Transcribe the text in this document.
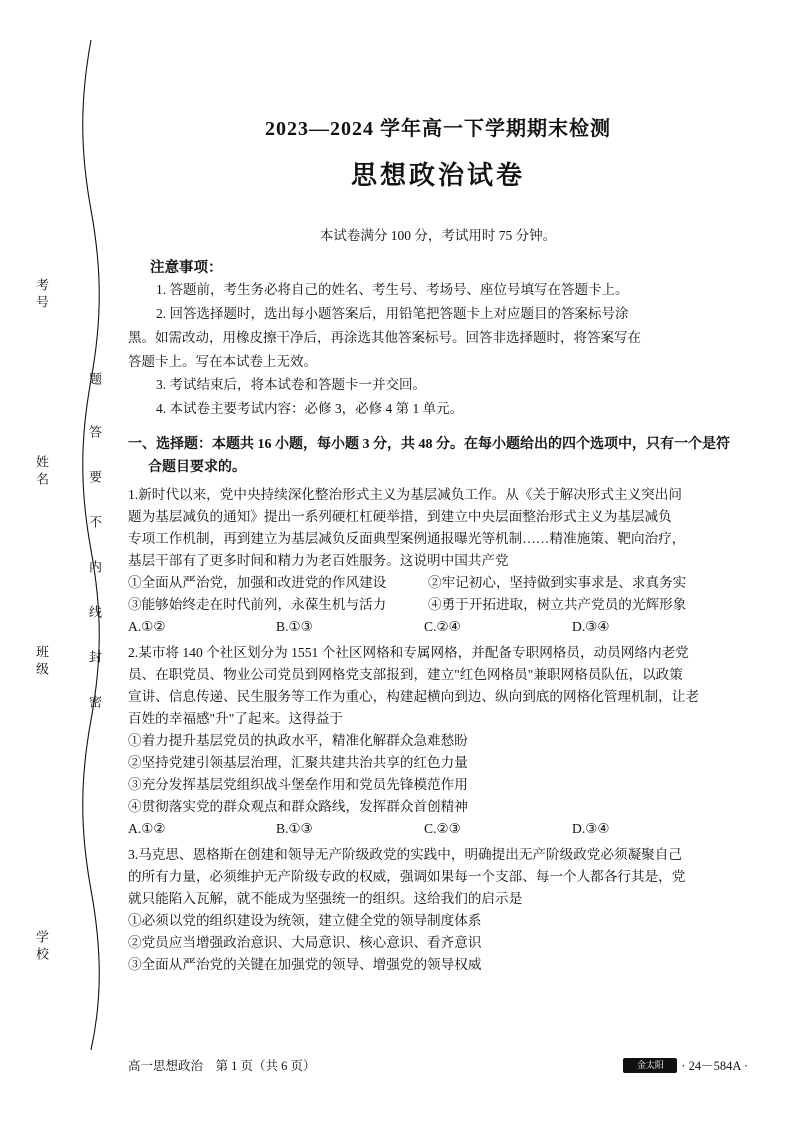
考号
姓名
班级
学校
题
答
要
不
内
线
封
密
2023—2024 学年高一下学期期末检测
思想政治试卷
本试卷满分 100 分，考试用时 75 分钟。
注意事项：
1. 答题前，考生务必将自己的姓名、考生号、考场号、座位号填写在答题卡上。
2. 回答选择题时，选出每小题答案后，用铅笔把答题卡上对应题目的答案标号涂
黑。如需改动，用橡皮擦干净后，再涂选其他答案标号。回答非选择题时，将答案写在
答题卡上。写在本试卷上无效。
3. 考试结束后，将本试卷和答题卡一并交回。
4. 本试卷主要考试内容：必修 3，必修 4 第 1 单元。
一、选择题：本题共 16 小题，每小题 3 分，共 48 分。在每小题给出的四个选项中，只有一个是符
合题目要求的。
1.新时代以来，党中央持续深化整治形式主义为基层减负工作。从《关于解决形式主义突出问
题为基层减负的通知》提出一系列硬杠杠硬举措，到建立中央层面整治形式主义为基层减负
专项工作机制，再到建立为基层减负反面典型案例通报曝光等机制……精准施策、靶向治疗，
基层干部有了更多时间和精力为老百姓服务。这说明中国共产党
①全面从严治党，加强和改进党的作风建设	②牢记初心，坚持做到实事求是、求真务实
③能够始终走在时代前列，永葆生机与活力	④勇于开拓进取，树立共产党员的光辉形象
A.①②	B.①③	C.②④	D.③④
2.某市将 140 个社区划分为 1551 个社区网格和专属网格，并配备专职网格员，动员网络内老党
员、在职党员、物业公司党员到网格党支部报到，建立"红色网格员"兼职网格员队伍，以政策
宣讲、信息传递、民生服务等工作为重心，构建起横向到边、纵向到底的网格化管理机制，让老
百姓的幸福感"升"了起来。这得益于
①着力提升基层党员的执政水平，精准化解群众急难愁盼
②坚持党建引领基层治理，汇聚共建共治共享的红色力量
③充分发挥基层党组织战斗堡垒作用和党员先锋模范作用
④贯彻落实党的群众观点和群众路线，发挥群众首创精神
A.①②	B.①③	C.②③	D.③④
3.马克思、恩格斯在创建和领导无产阶级政党的实践中，明确提出无产阶级政党必须凝聚自己
的所有力量，必须维护无产阶级专政的权威，强调如果每一个支部、每一个人都各行其是，党
就只能陷入瓦解，就不能成为坚强统一的组织。这给我们的启示是
①必须以党的组织建设为统领，建立健全党的领导制度体系
②党员应当增强政治意识、大局意识、核心意识、看齐意识
③全面从严治党的关键在加强党的领导、增强党的领导权威
高一思想政治　第 1 页（共 6 页）	金太阳	· 24－584A ·
